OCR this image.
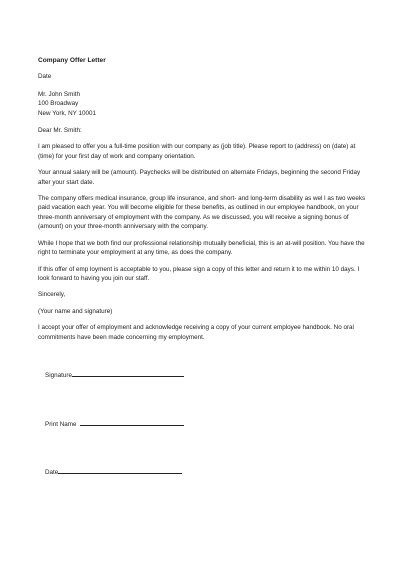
Company Offer Letter
Date
Mr. John Smith
100 Broadway
New York, NY 10001

Dear Mr. Smith:

I am pleased to offer you a full-time position with our company as (job title). Please report to (address) on (date) at (time) for your first day of work and company orientation.

Your annual salary will be (amount). Paychecks will be distributed on alternate Fridays, beginning the second Friday after your start date.

The company offers medical insurance, group life insurance, and short- and long-term disability as wel l as two weeks paid vacation each year. You will become eligible for these benefits, as outlined in our employee handbook, on your three-month anniversary of employment with the company. As we discussed, you will receive a signing bonus of (amount) on your three-month anniversary with the company.

While I hope that we both find our professional relationship mutually beneficial, this is an at-will position. You have the right to terminate your employment at any time, as does the company.

If this offer of emp loyment is acceptable to you, please sign a copy of this letter and return it to me within 10 days. I look forward to having you join our staff.

Sincerely,

(Your name and signature)

I accept your offer of employment and acknowledge receiving a copy of your current employee handbook. No oral commitments have been made concerning my employment.

Signature

Print Name

Date
